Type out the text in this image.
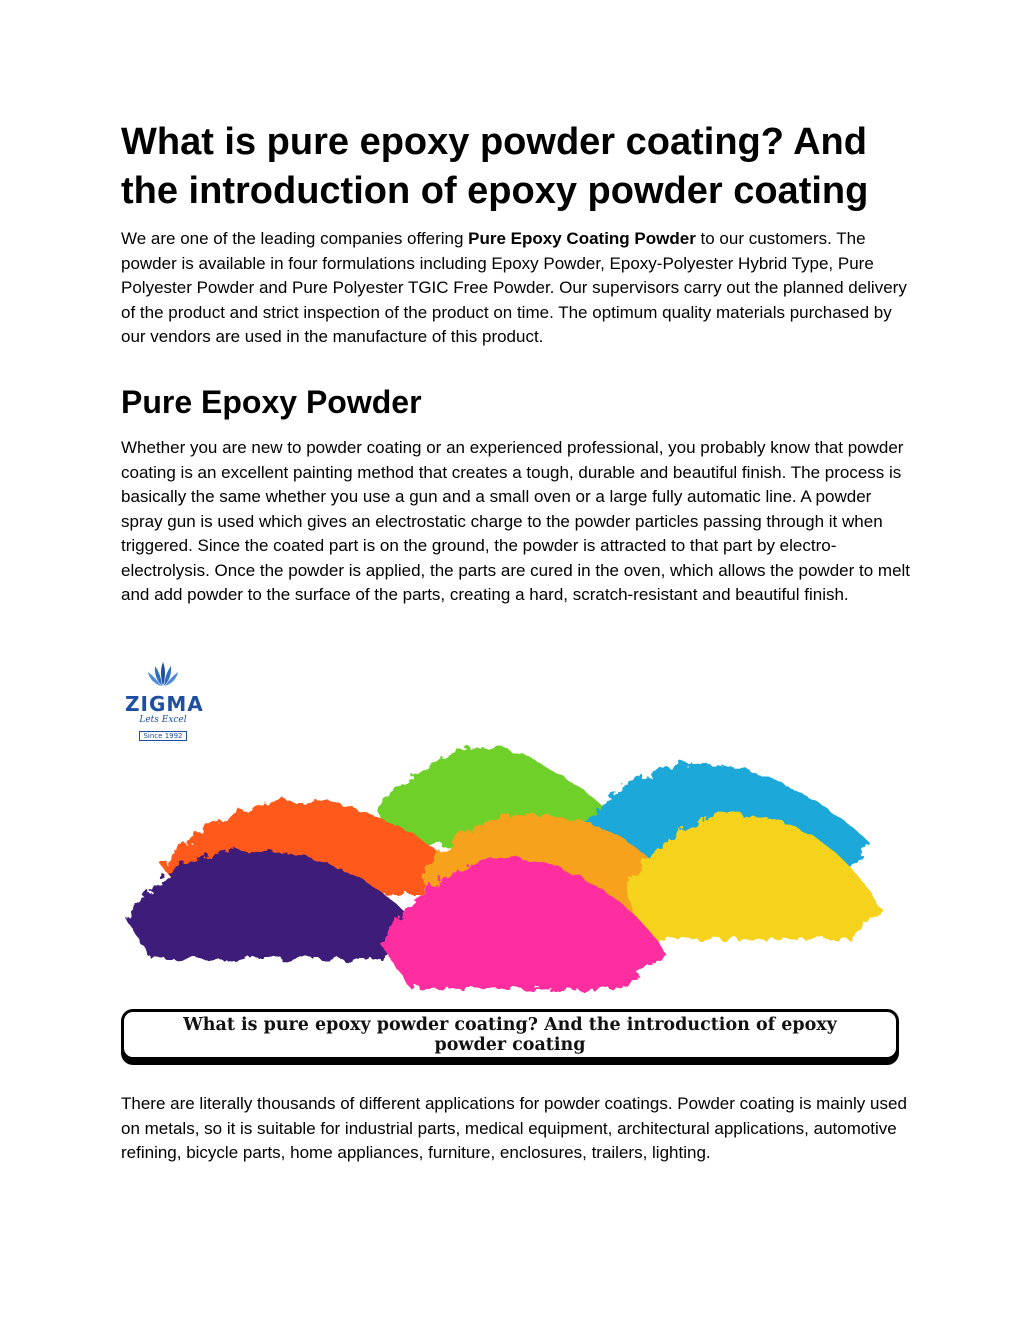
What is pure epoxy powder coating? And the introduction of epoxy powder coating

We are one of the leading companies offering Pure Epoxy Coating Powder to our customers. The powder is available in four formulations including Epoxy Powder, Epoxy-Polyester Hybrid Type, Pure Polyester Powder and Pure Polyester TGIC Free Powder. Our supervisors carry out the planned delivery of the product and strict inspection of the product on time. The optimum quality materials purchased by our vendors are used in the manufacture of this product.

Pure Epoxy Powder

Whether you are new to powder coating or an experienced professional, you probably know that powder coating is an excellent painting method that creates a tough, durable and beautiful finish. The process is basically the same whether you use a gun and a small oven or a large fully automatic line. A powder spray gun is used which gives an electrostatic charge to the powder particles passing through it when triggered. Since the coated part is on the ground, the powder is attracted to that part by electro-electrolysis. Once the powder is applied, the parts are cured in the oven, which allows the powder to melt and add powder to the surface of the parts, creating a hard, scratch-resistant and beautiful finish.

ZIGMA
Lets Excel
Since 1992
What is pure epoxy powder coating? And the introduction of epoxy powder coating

There are literally thousands of different applications for powder coatings. Powder coating is mainly used on metals, so it is suitable for industrial parts, medical equipment, architectural applications, automotive refining, bicycle parts, home appliances, furniture, enclosures, trailers, lighting.
